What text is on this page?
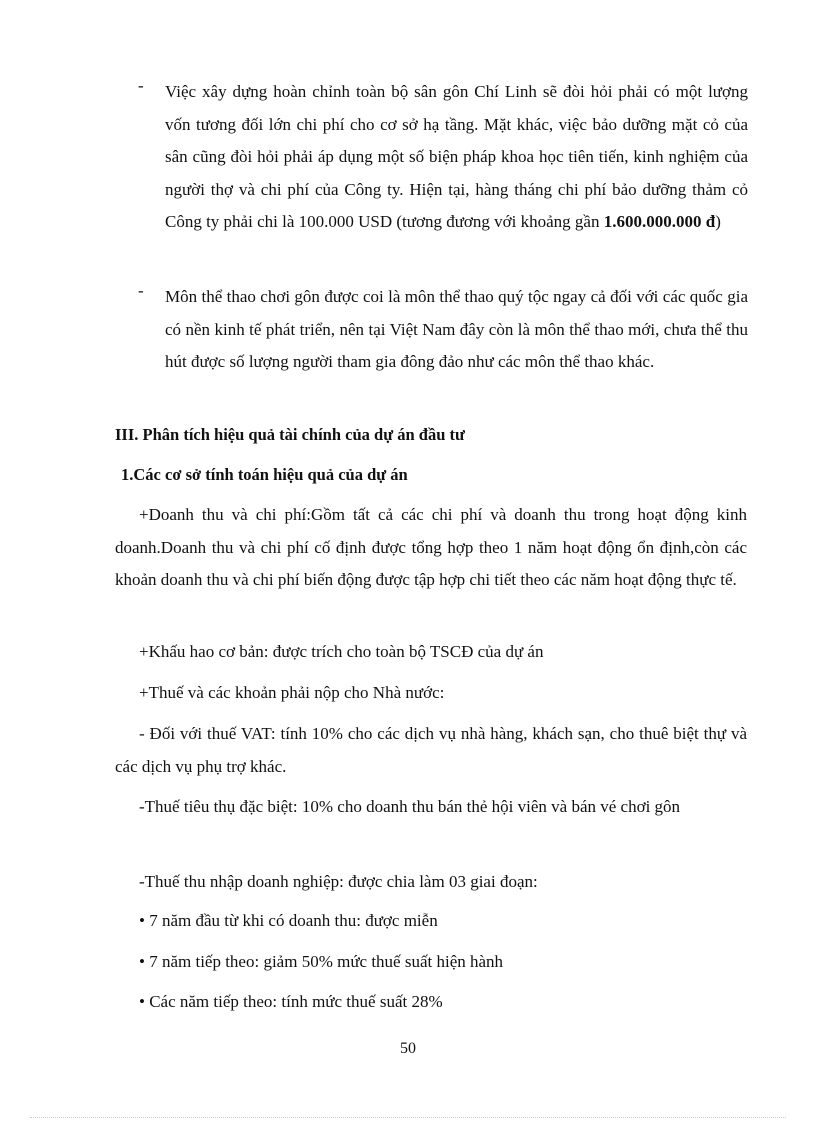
- Việc xây dựng hoàn chỉnh toàn bộ sân gôn Chí Linh sẽ đòi hỏi phải có một lượng vốn tương đối lớn chi phí cho cơ sở hạ tầng. Mặt khác, việc bảo dưỡng mặt cỏ của sân cũng đòi hỏi phải áp dụng một số biện pháp khoa học tiên tiến, kinh nghiệm của người thợ và chi phí của Công ty. Hiện tại, hàng tháng chi phí bảo dưỡng thảm cỏ Công ty phải chi là 100.000 USD (tương đương với khoảng gần 1.600.000.000 đ)
- Môn thể thao chơi gôn được coi là môn thể thao quý tộc ngay cả đối với các quốc gia có nền kinh tế phát triển, nên tại Việt Nam đây còn là môn thể thao mới, chưa thể thu hút được số lượng người tham gia đông đảo như các môn thể thao khác.
III. Phân tích hiệu quả tài chính của dự án đầu tư
1.Các cơ sở tính toán hiệu quả của dự án
+Doanh thu và chi phí:Gồm tất cả các chi phí và doanh thu trong hoạt động kinh doanh.Doanh thu và chi phí cố định được tổng hợp theo 1 năm hoạt động ổn định,còn các khoản doanh thu và chi phí biến động được tập hợp chi tiết theo các năm hoạt động thực tế.
+Khấu hao cơ bản: được trích cho toàn bộ TSCĐ của dự án
+Thuế và các khoản phải nộp cho Nhà nước:
- Đối với thuế VAT: tính 10% cho các dịch vụ nhà hàng, khách sạn, cho thuê biệt thự và các dịch vụ phụ trợ khác.
-Thuế tiêu thụ đặc biệt: 10% cho doanh thu bán thẻ hội viên và bán vé chơi gôn
-Thuế thu nhập doanh nghiệp: được chia làm 03 giai đoạn:
• 7 năm đầu từ khi có doanh thu: được miễn
• 7 năm tiếp theo: giảm 50% mức thuế suất hiện hành
• Các năm tiếp theo: tính mức thuế suất 28%
50
